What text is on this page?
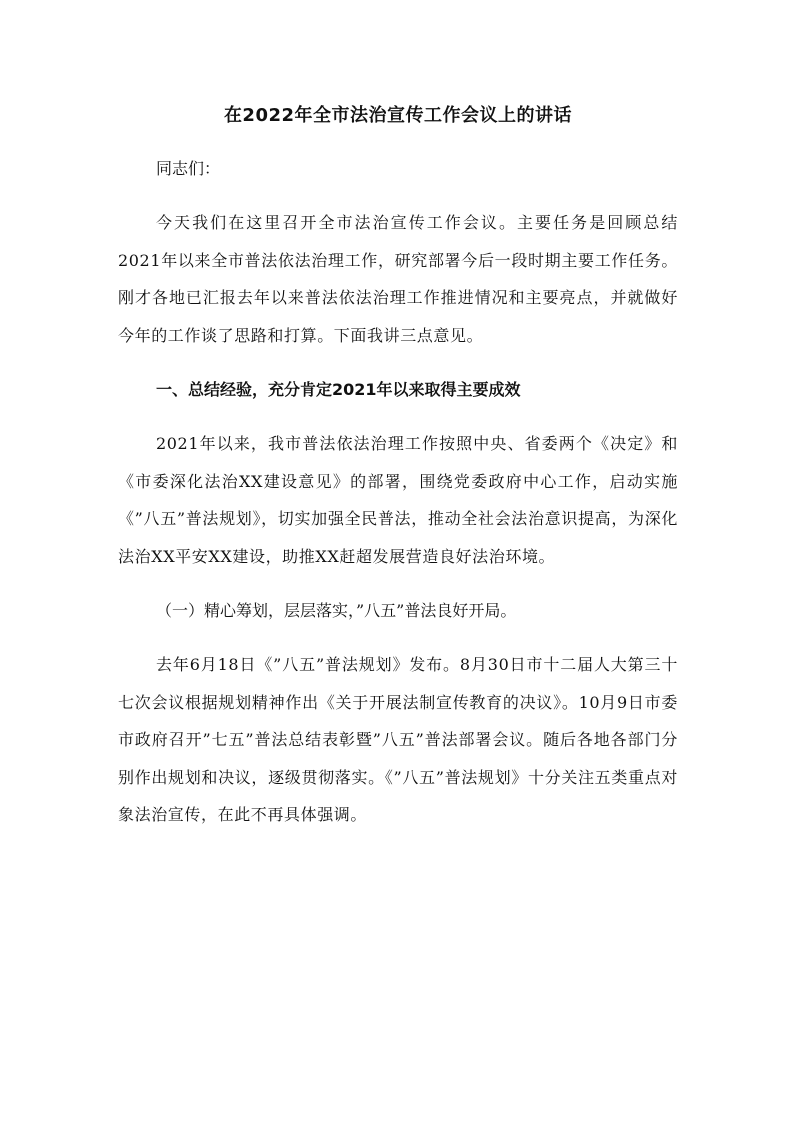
在2022年全市法治宣传工作会议上的讲话

同志们：

今天我们在这里召开全市法治宣传工作会议。主要任务是回顾总结2021年以来全市普法依法治理工作，研究部署今后一段时期主要工作任务。刚才各地已汇报去年以来普法依法治理工作推进情况和主要亮点，并就做好今年的工作谈了思路和打算。下面我讲三点意见。

一、总结经验，充分肯定2021年以来取得主要成效

2021年以来，我市普法依法治理工作按照中央、省委两个《决定》和《市委深化法治XX建设意见》的部署，围绕党委政府中心工作，启动实施《”八五”普法规划》，切实加强全民普法，推动全社会法治意识提高，为深化法治XX平安XX建设，助推XX赶超发展营造良好法治环境。

（一）精心筹划，层层落实，”八五”普法良好开局。

去年6月18日《”八五”普法规划》发布。8月30日市十二届人大第三十七次会议根据规划精神作出《关于开展法制宣传教育的决议》。10月9日市委市政府召开”七五”普法总结表彰暨”八五”普法部署会议。随后各地各部门分别作出规划和决议，逐级贯彻落实。《”八五”普法规划》十分关注五类重点对象法治宣传，在此不再具体强调。
